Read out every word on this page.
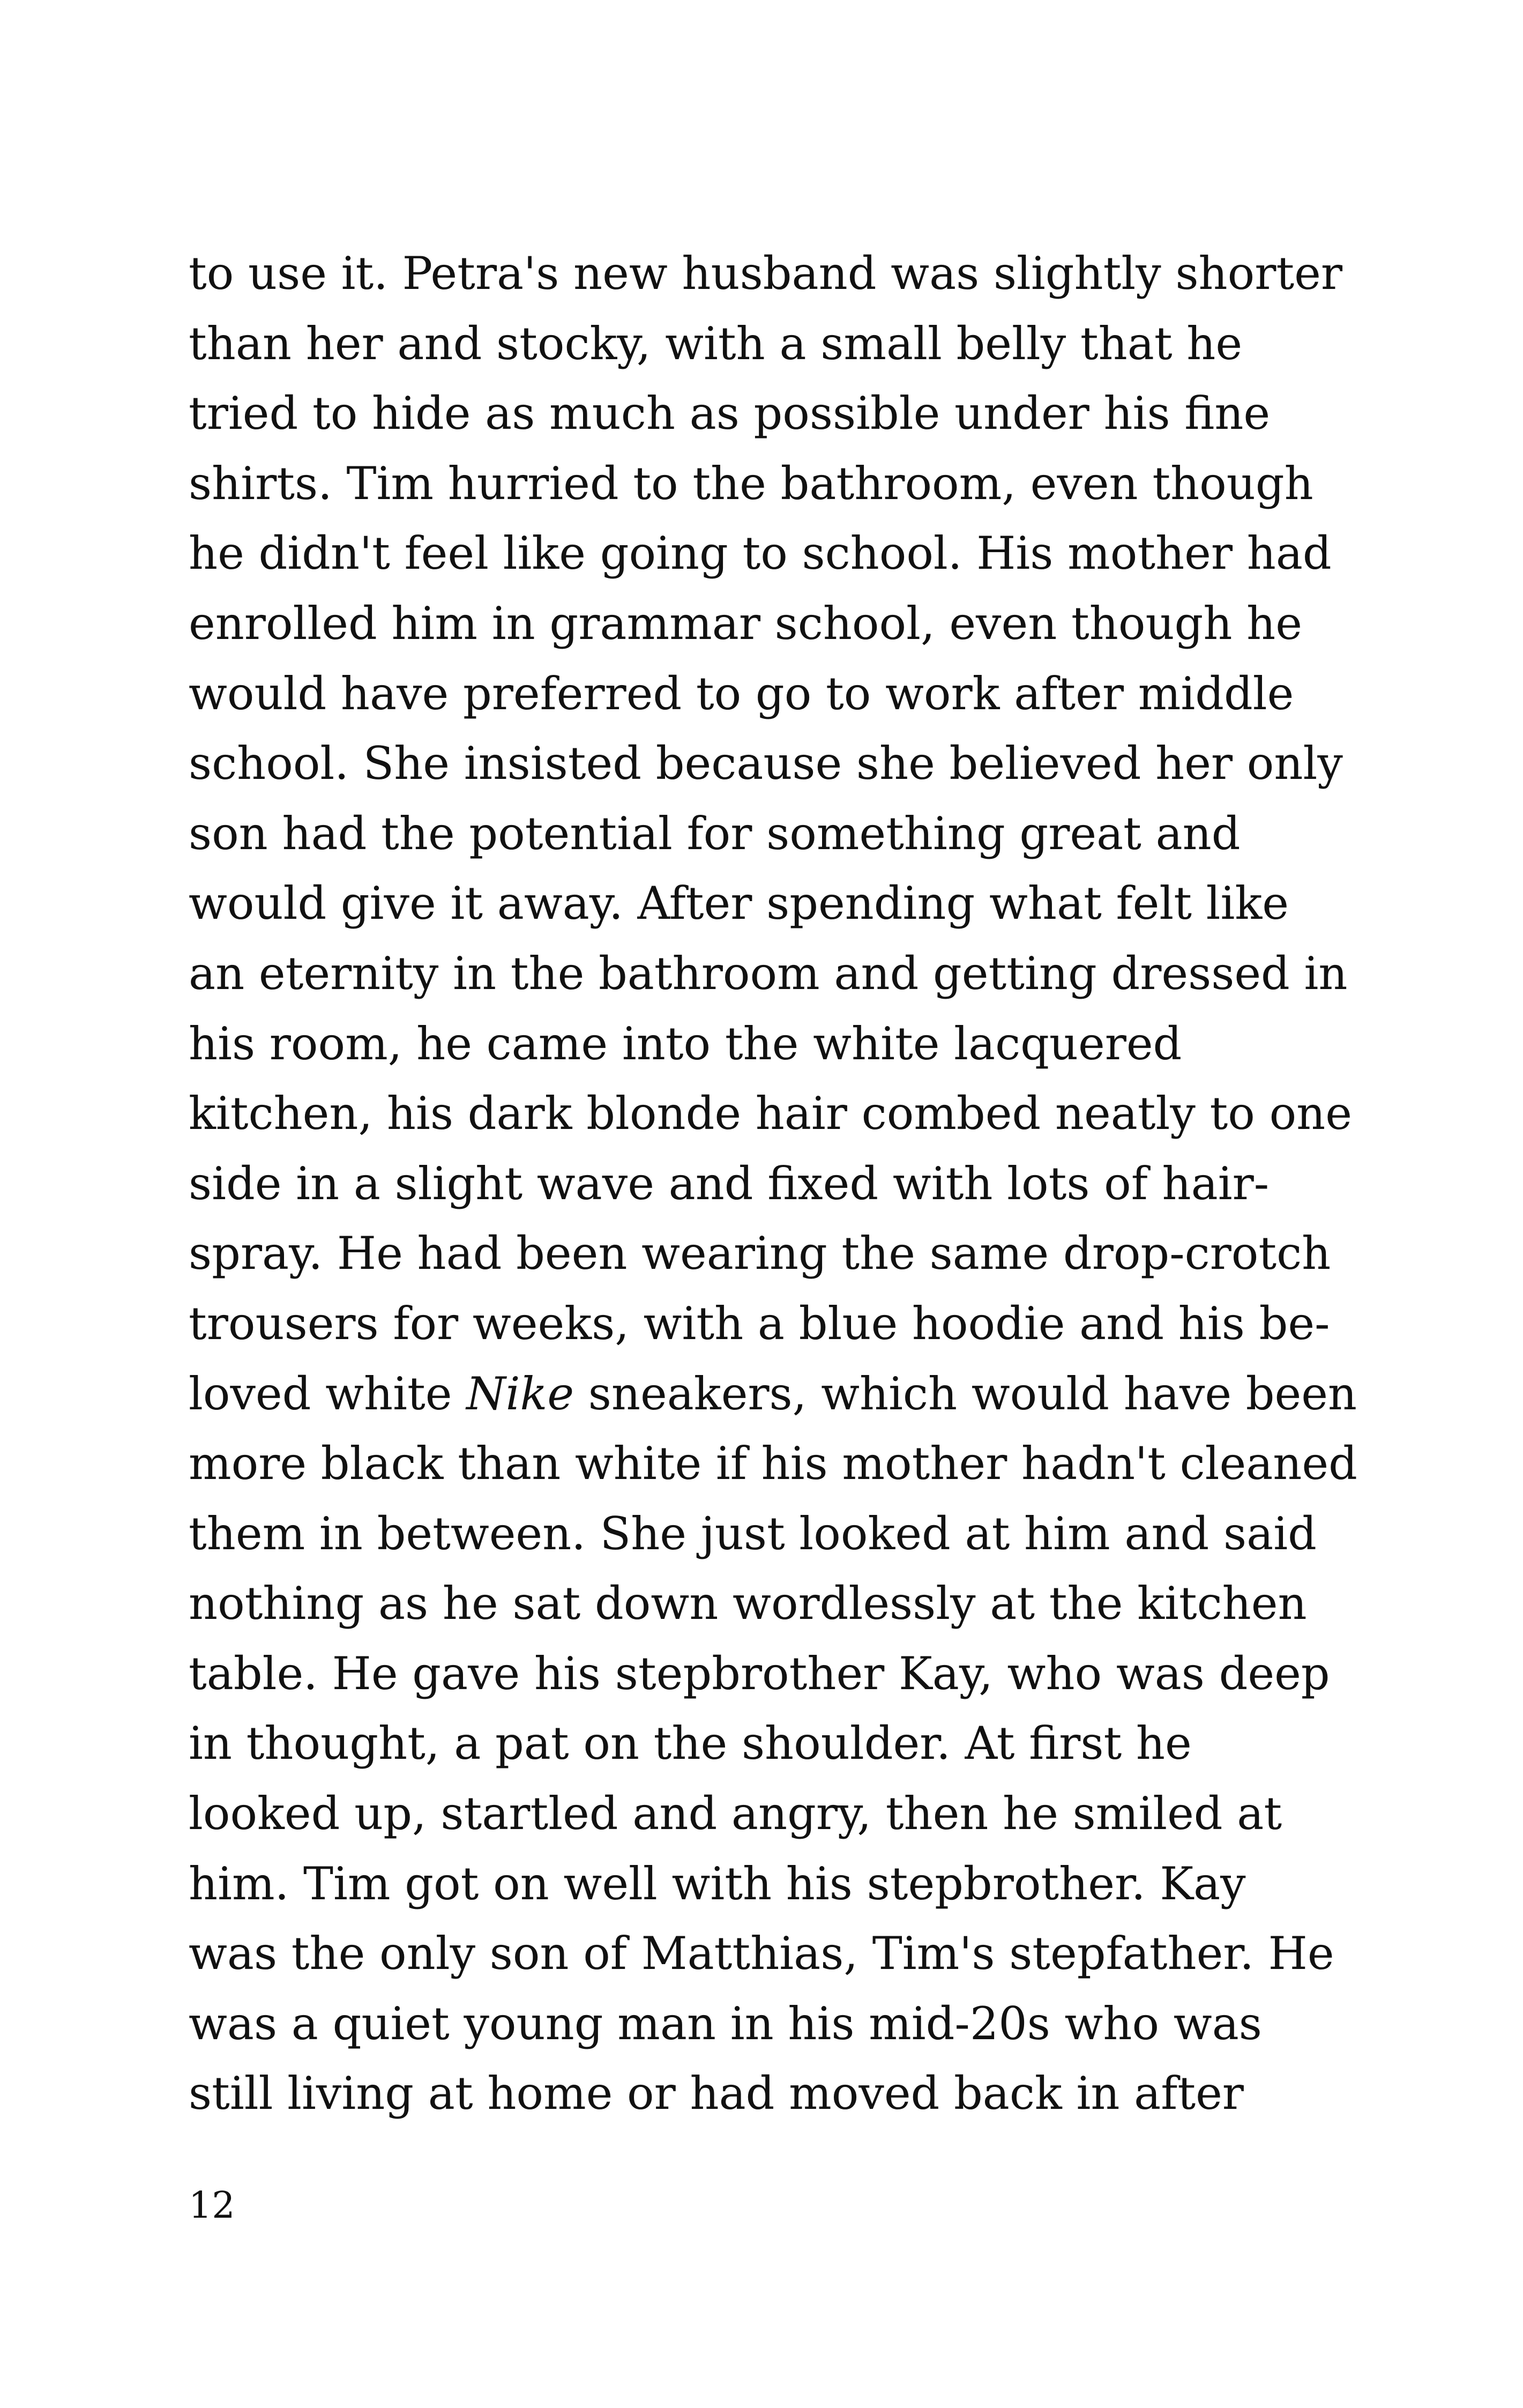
to use it. Petra's new husband was slightly shorter
than her and stocky, with a small belly that he
tried to hide as much as possible under his fine
shirts. Tim hurried to the bathroom, even though
he didn't feel like going to school. His mother had
enrolled him in grammar school, even though he
would have preferred to go to work after middle
school. She insisted because she believed her only
son had the potential for something great and
would give it away. After spending what felt like
an eternity in the bathroom and getting dressed in
his room, he came into the white lacquered
kitchen, his dark blonde hair combed neatly to one
side in a slight wave and fixed with lots of hair-
spray. He had been wearing the same drop-crotch
trousers for weeks, with a blue hoodie and his be-
loved white Nike sneakers, which would have been
more black than white if his mother hadn't cleaned
them in between. She just looked at him and said
nothing as he sat down wordlessly at the kitchen
table. He gave his stepbrother Kay, who was deep
in thought, a pat on the shoulder. At first he
looked up, startled and angry, then he smiled at
him. Tim got on well with his stepbrother. Kay
was the only son of Matthias, Tim's stepfather. He
was a quiet young man in his mid-20s who was
still living at home or had moved back in after
12
